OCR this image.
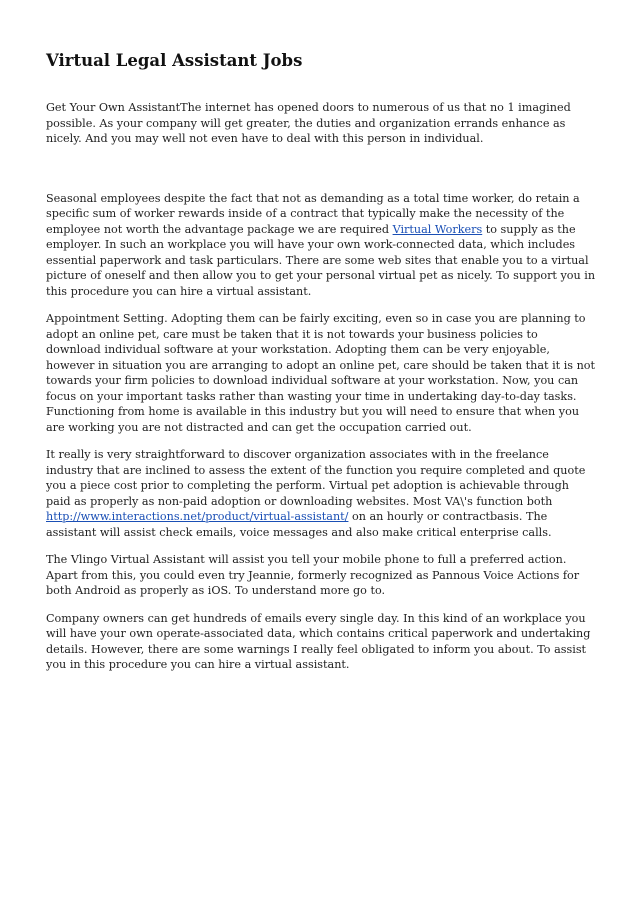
Virtual Legal Assistant Jobs

Get Your Own AssistantThe internet has opened doors to numerous of us that no 1 imagined possible. As your company will get greater, the duties and organization errands enhance as nicely. And you may well not even have to deal with this person in individual.

Seasonal employees despite the fact that not as demanding as a total time worker, do retain a specific sum of worker rewards inside of a contract that typically make the necessity of the employee not worth the advantage package we are required Virtual Workers to supply as the employer. In such an workplace you will have your own work-connected data, which includes essential paperwork and task particulars. There are some web sites that enable you to a virtual picture of oneself and then allow you to get your personal virtual pet as nicely. To support you in this procedure you can hire a virtual assistant.

Appointment Setting. Adopting them can be fairly exciting, even so in case you are planning to adopt an online pet, care must be taken that it is not towards your business policies to download individual software at your workstation. Adopting them can be very enjoyable, however in situation you are arranging to adopt an online pet, care should be taken that it is not towards your firm policies to download individual software at your workstation. Now, you can focus on your important tasks rather than wasting your time in undertaking day-to-day tasks. Functioning from home is available in this industry but you will need to ensure that when you are working you are not distracted and can get the occupation carried out.

It really is very straightforward to discover organization associates with in the freelance industry that are inclined to assess the extent of the function you require completed and quote you a piece cost prior to completing the perform. Virtual pet adoption is achievable through paid as properly as non-paid adoption or downloading websites. Most VA\'s function both http://www.interactions.net/product/virtual-assistant/ on an hourly or contractbasis. The assistant will assist check emails, voice messages and also make critical enterprise calls.

The Vlingo Virtual Assistant will assist you tell your mobile phone to full a preferred action. Apart from this, you could even try Jeannie, formerly recognized as Pannous Voice Actions for both Android as properly as iOS. To understand more go to.

Company owners can get hundreds of emails every single day. In this kind of an workplace you will have your own operate-associated data, which contains critical paperwork and undertaking details. However, there are some warnings I really feel obligated to inform you about. To assist you in this procedure you can hire a virtual assistant.
